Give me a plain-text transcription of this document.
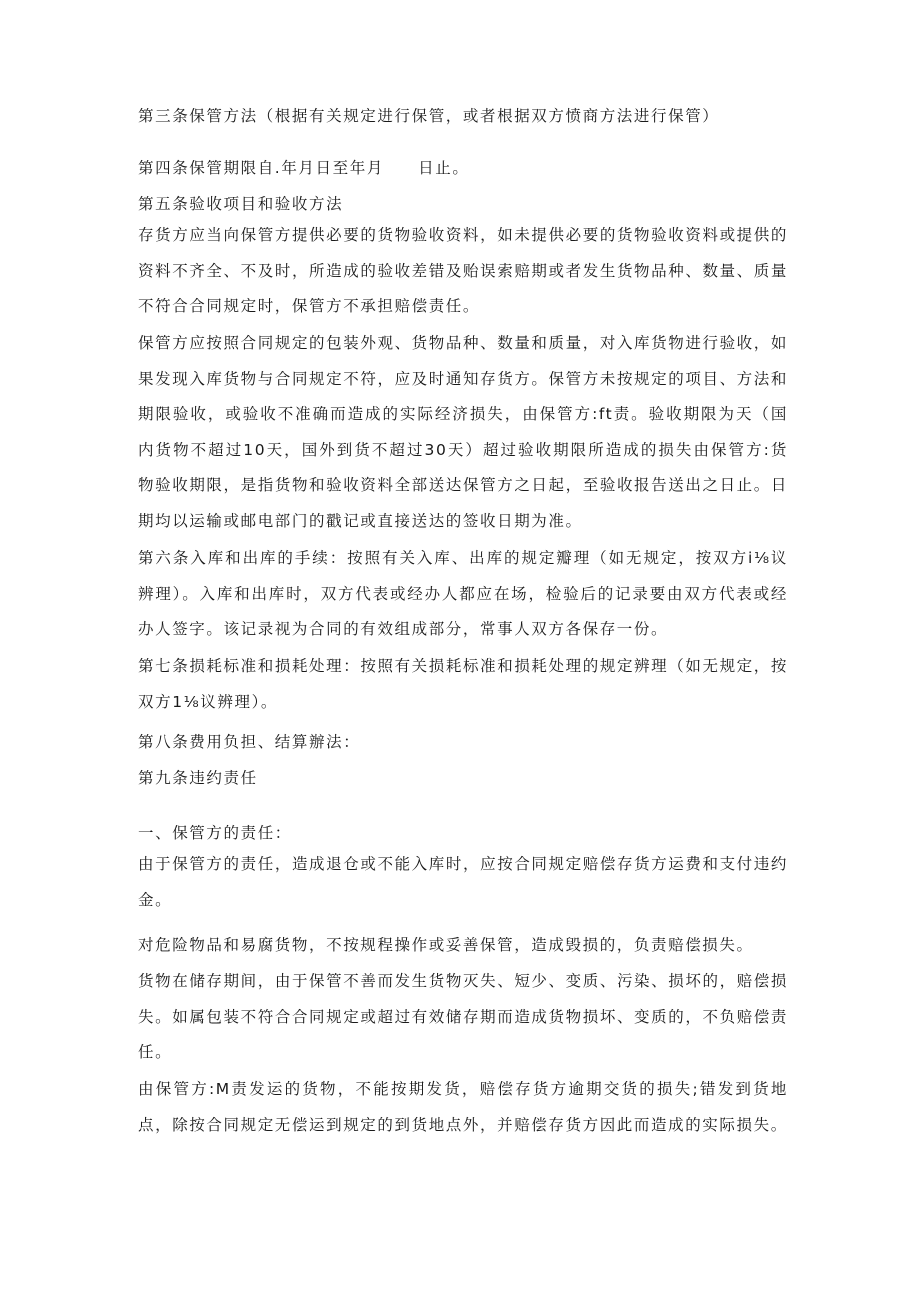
第三条保管方法（根据有关规定进行保管，或者根据双方愤商方法进行保管）

第四条保管期限自.年月日至年月　　日止。

第五条验收项目和验收方法

存货方应当向保管方提供必要的货物验收资料，如未提供必要的货物验收资料或提供的资料不齐全、不及时，所造成的验收差错及贻误索赔期或者发生货物品种、数量、质量不符合合同规定时，保管方不承担赔偿责任。

保管方应按照合同规定的包装外观、货物品种、数量和质量，对入库货物进行验收，如果发现入库货物与合同规定不符，应及时通知存货方。保管方未按规定的项目、方法和期限验收，或验收不准确而造成的实际经济损失，由保管方:ft责。验收期限为天（国内货物不超过10天，国外到货不超过30天）超过验收期限所造成的损失由保管方:货物验收期限，是指货物和验收资料全部送达保管方之日起，至验收报告送出之日止。日期均以运输或邮电部门的戳记或直接送达的签收日期为准。

第六条入库和出库的手续：按照有关入库、出库的规定瓣理（如无规定，按双方i⅛议辨理）。入库和出库时，双方代表或经办人都应在场，检验后的记录要由双方代表或经办人签字。该记录视为合同的有效组成部分，常事人双方各保存一份。

第七条损耗标准和损耗处理：按照有关损耗标准和损耗处理的规定辨理（如无规定，按双方1⅛议辨理）。

第八条费用负担、结算辦法：

第九条违约责任

一、保管方的责任：

由于保管方的责任，造成退仓或不能入库时，应按合同规定赔偿存货方运费和支付违约金。

对危险物品和易腐货物，不按规程操作或妥善保管，造成毁损的，负责赔偿损失。

货物在储存期间，由于保管不善而发生货物灭失、短少、变质、污染、损坏的，赔偿损失。如属包装不符合合同规定或超过有效储存期而造成货物损坏、变质的，不负赔偿责任。

由保管方:M责发运的货物，不能按期发货，赔偿存货方逾期交货的损失;错发到货地点，除按合同规定无偿运到规定的到货地点外，并赔偿存货方因此而造成的实际损失。
